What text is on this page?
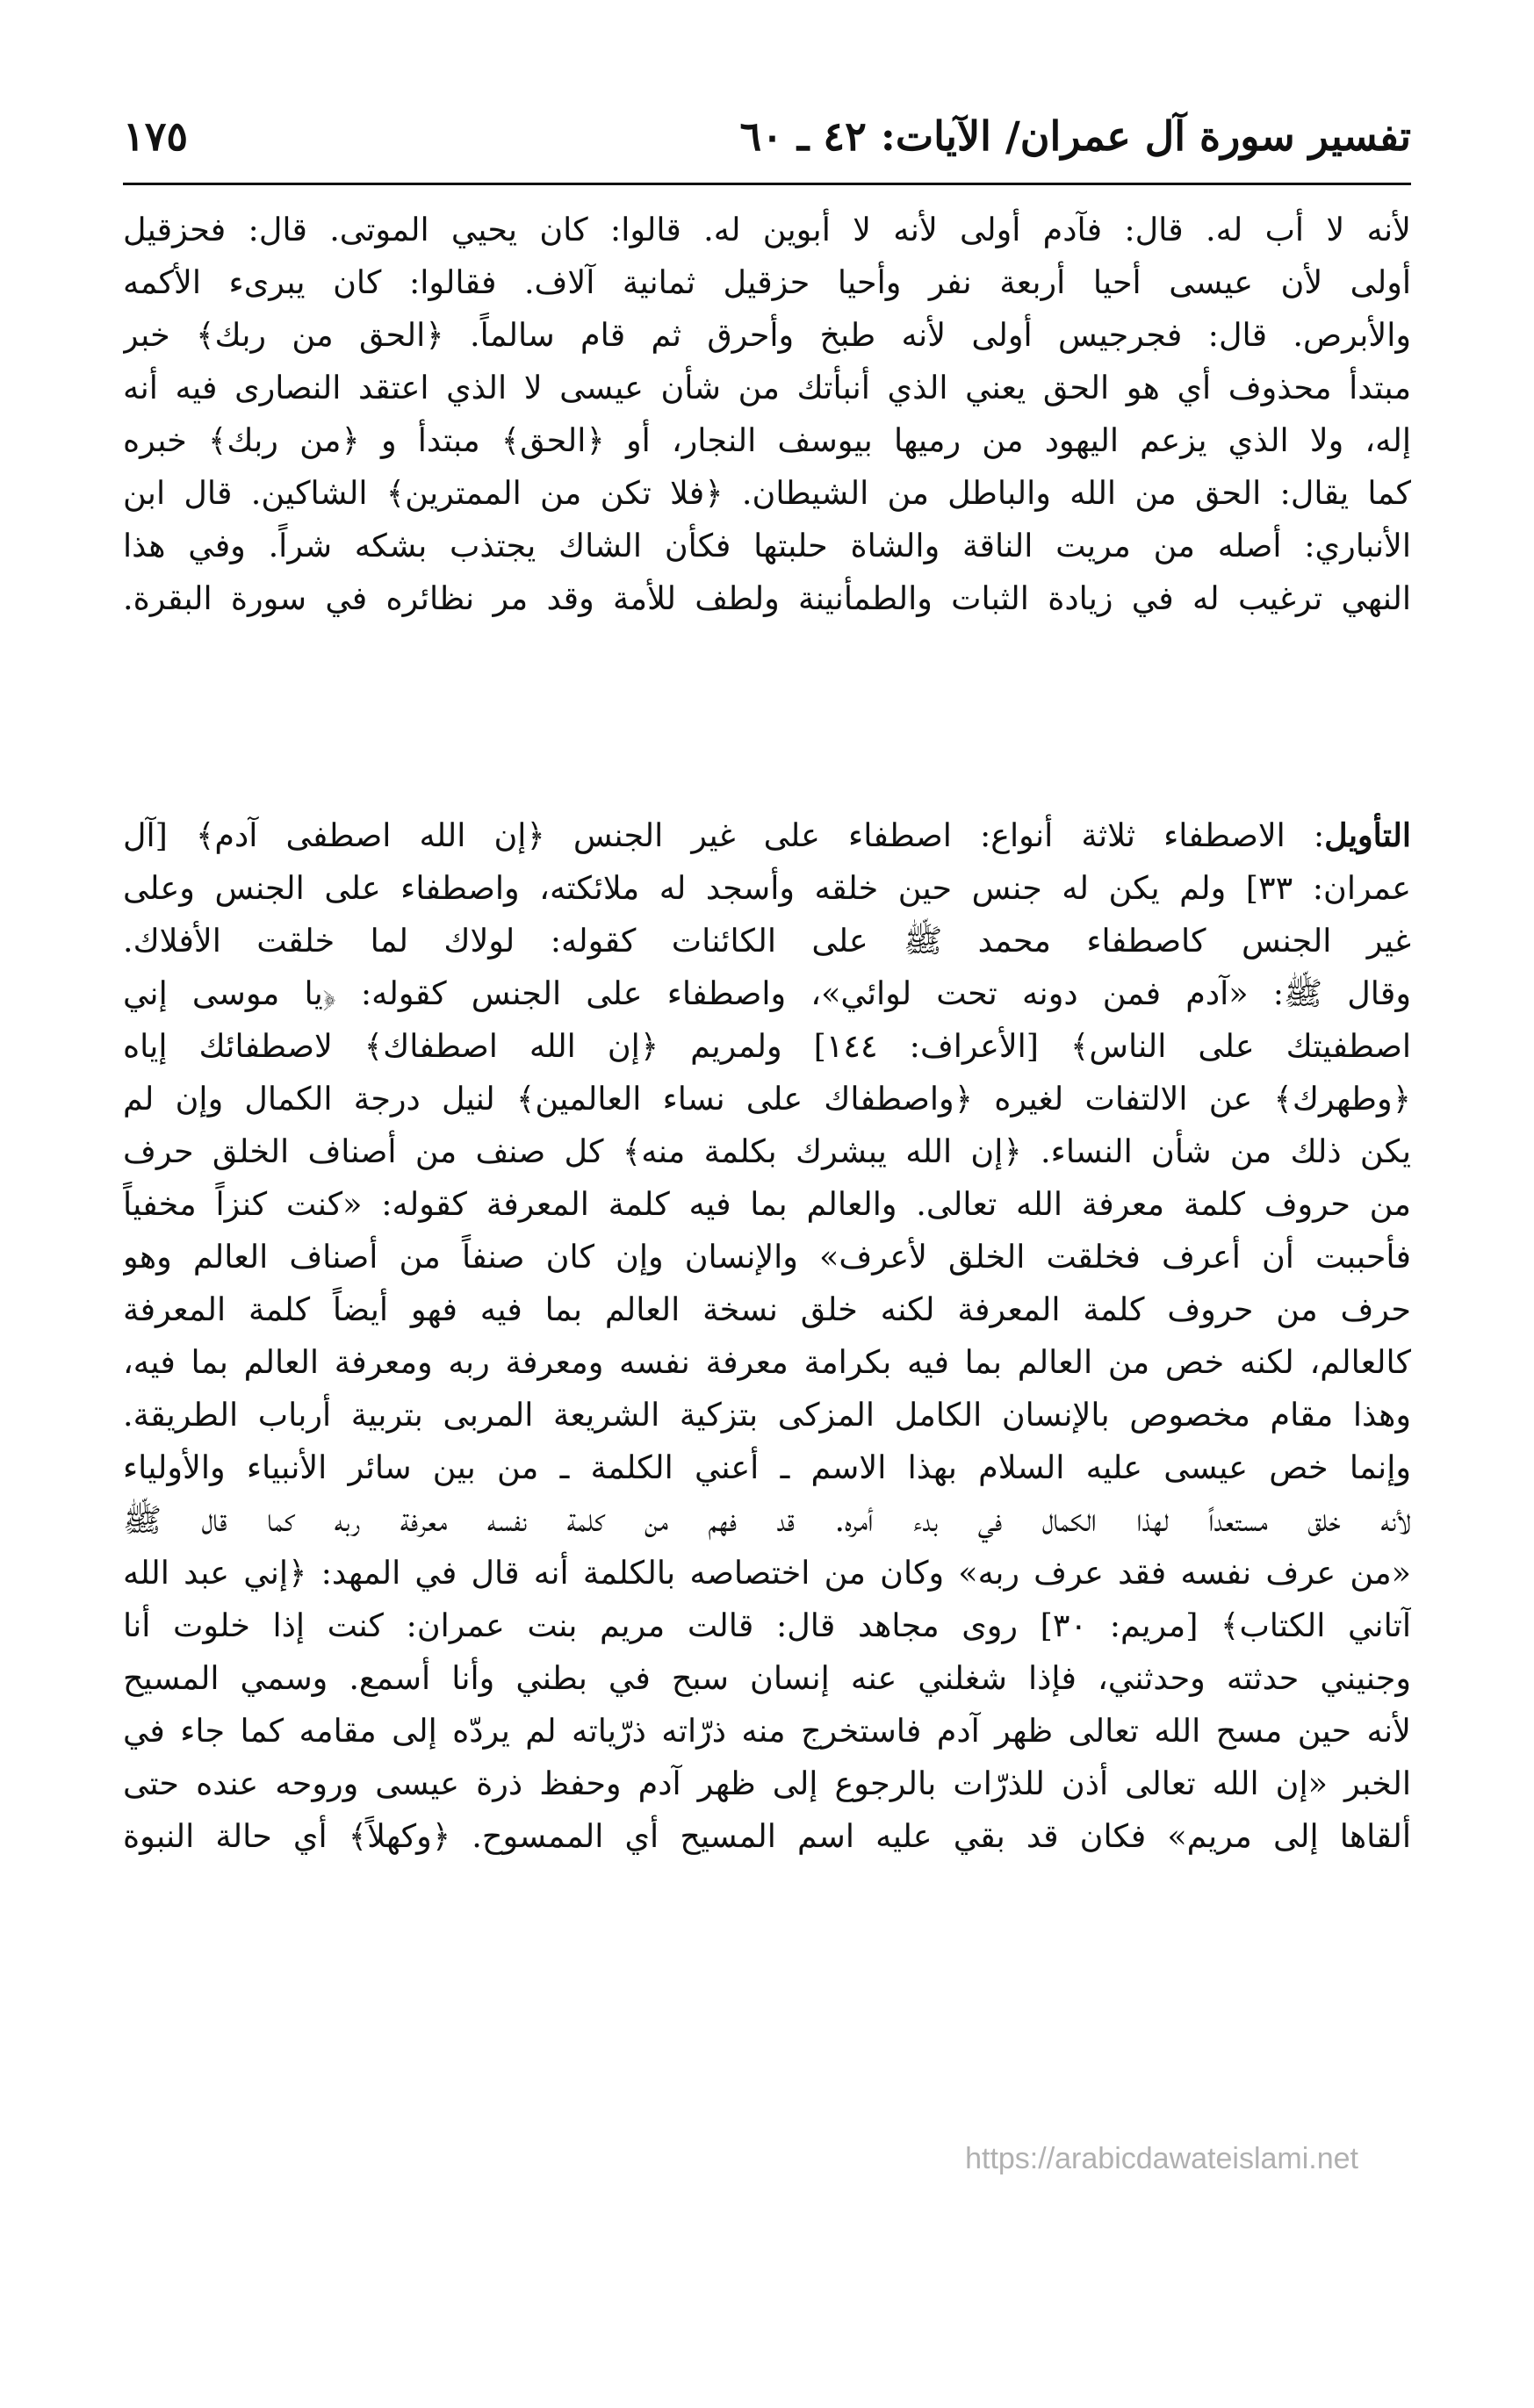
تفسير سورة آل عمران/ الآيات: ٤٢ ـ ٦٠
١٧٥
لأنه لا أب له. قال: فآدم أولى لأنه لا أبوين له. قالوا: كان يحيي الموتى. قال: فحزقيل
أولى لأن عيسى أحيا أربعة نفر وأحيا حزقيل ثمانية آلاف. فقالوا: كان يبرىء الأكمه
والأبرص. قال: فجرجيس أولى لأنه طبخ وأحرق ثم قام سالماً. ﴿الحق من ربك﴾ خبر
مبتدأ محذوف أي هو الحق يعني الذي أنبأتك من شأن عيسى لا الذي اعتقد النصارى فيه أنه
إله، ولا الذي يزعم اليهود من رميها بيوسف النجار، أو ﴿الحق﴾ مبتدأ و ﴿من ربك﴾ خبره
كما يقال: الحق من الله والباطل من الشيطان. ﴿فلا تكن من الممترين﴾ الشاكين. قال ابن
الأنباري: أصله من مريت الناقة والشاة حلبتها فكأن الشاك يجتذب بشكه شراً. وفي هذا
النهي ترغيب له في زيادة الثبات والطمأنينة ولطف للأمة وقد مر نظائره في سورة البقرة.
التأويل: الاصطفاء ثلاثة أنواع: اصطفاء على غير الجنس ﴿إن الله اصطفى آدم﴾ [آل
عمران: ٣٣] ولم يكن له جنس حين خلقه وأسجد له ملائكته، واصطفاء على الجنس وعلى
غير الجنس كاصطفاء محمد ﷺ على الكائنات كقوله: لولاك لما خلقت الأفلاك.
وقال ﷺ: «آدم فمن دونه تحت لوائي»، واصطفاء على الجنس كقوله: ﴿يا موسى إني
اصطفيتك على الناس﴾ [الأعراف: ١٤٤] ولمريم ﴿إن الله اصطفاك﴾ لاصطفائك إياه
﴿وطهرك﴾ عن الالتفات لغيره ﴿واصطفاك على نساء العالمين﴾ لنيل درجة الكمال وإن لم
يكن ذلك من شأن النساء. ﴿إن الله يبشرك بكلمة منه﴾ كل صنف من أصناف الخلق حرف
من حروف كلمة معرفة الله تعالى. والعالم بما فيه كلمة المعرفة كقوله: «كنت كنزاً مخفياً
فأحببت أن أعرف فخلقت الخلق لأعرف» والإنسان وإن كان صنفاً من أصناف العالم وهو
حرف من حروف كلمة المعرفة لكنه خلق نسخة العالم بما فيه فهو أيضاً كلمة المعرفة
كالعالم، لكنه خص من العالم بما فيه بكرامة معرفة نفسه ومعرفة ربه ومعرفة العالم بما فيه،
وهذا مقام مخصوص بالإنسان الكامل المزكى بتزكية الشريعة المربى بتربية أرباب الطريقة.
وإنما خص عيسى عليه السلام بهذا الاسم ـ أعني الكلمة ـ من بين سائر الأنبياء والأولياء
لأنه خلق مستعداً لهذا الكمال في بدء أمره. قد فهم من كلمة نفسه معرفة ربه كما قال ﷺ
«من عرف نفسه فقد عرف ربه» وكان من اختصاصه بالكلمة أنه قال في المهد: ﴿إني عبد الله
آتاني الكتاب﴾ [مريم: ٣٠] روى مجاهد قال: قالت مريم بنت عمران: كنت إذا خلوت أنا
وجنيني حدثته وحدثني، فإذا شغلني عنه إنسان سبح في بطني وأنا أسمع. وسمي المسيح
لأنه حين مسح الله تعالى ظهر آدم فاستخرج منه ذرّاته ذرّياته لم يردّه إلى مقامه كما جاء في
الخبر «إن الله تعالى أذن للذرّات بالرجوع إلى ظهر آدم وحفظ ذرة عيسى وروحه عنده حتى
ألقاها إلى مريم» فكان قد بقي عليه اسم المسيح أي الممسوح. ﴿وكهلاً﴾ أي حالة النبوة
https://arabicdawateislami.net
